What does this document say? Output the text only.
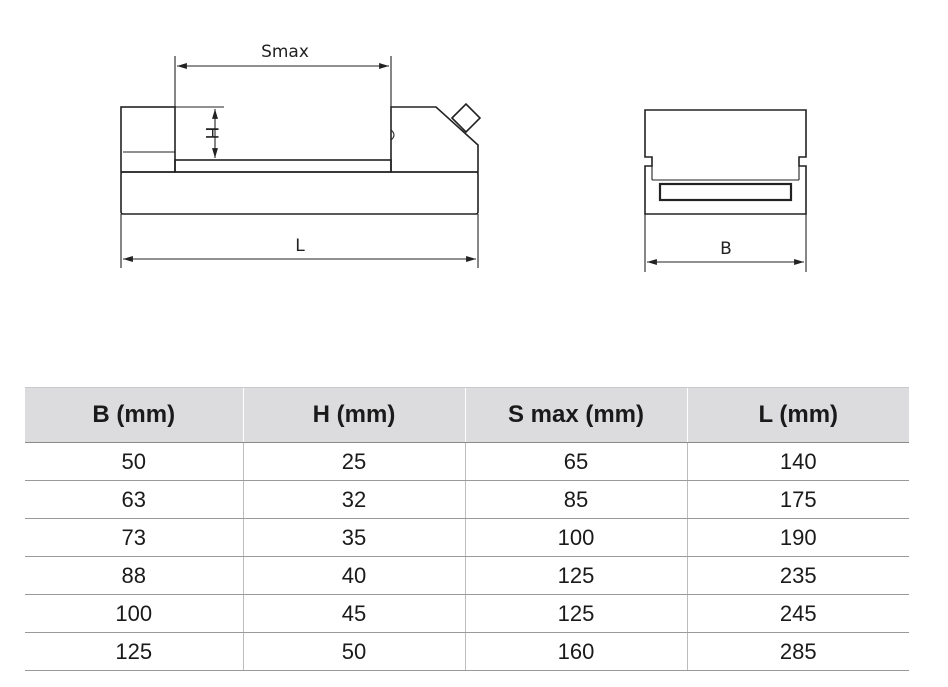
Smax
H
L	B
B (mm)	H (mm)	S max (mm)	L (mm)
50	25	65	140
63	32	85	175
73	35	100	190
88	40	125	235
100	45	125	245
125	50	160	285
